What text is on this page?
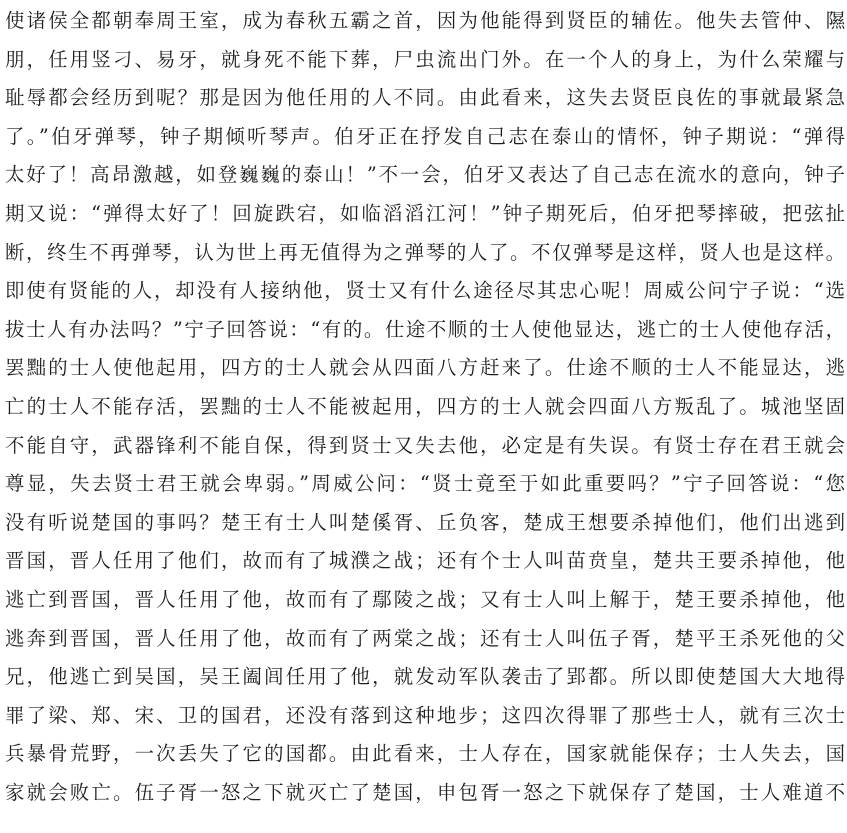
使诸侯全都朝奉周王室，成为春秋五霸之首，因为他能得到贤臣的辅佐。他失去管仲、隰
朋，任用竖刁、易牙，就身死不能下葬，尸虫流出门外。在一个人的身上，为什么荣耀与
耻辱都会经历到呢？那是因为他任用的人不同。由此看来，这失去贤臣良佐的事就最紧急
了。”伯牙弹琴，钟子期倾听琴声。伯牙正在抒发自己志在泰山的情怀，钟子期说：“弹得
太好了！高昂激越，如登巍巍的泰山！”不一会，伯牙又表达了自己志在流水的意向，钟子
期又说：“弹得太好了！回旋跌宕，如临滔滔江河！”钟子期死后，伯牙把琴摔破，把弦扯
断，终生不再弹琴，认为世上再无值得为之弹琴的人了。不仅弹琴是这样，贤人也是这样。
即使有贤能的人，却没有人接纳他，贤士又有什么途径尽其忠心呢！周威公问宁子说：“选
拔士人有办法吗？”宁子回答说：“有的。仕途不顺的士人使他显达，逃亡的士人使他存活，
罢黜的士人使他起用，四方的士人就会从四面八方赶来了。仕途不顺的士人不能显达，逃
亡的士人不能存活，罢黜的士人不能被起用，四方的士人就会四面八方叛乱了。城池坚固
不能自守，武器锋利不能自保，得到贤士又失去他，必定是有失误。有贤士存在君王就会
尊显，失去贤士君王就会卑弱。”周威公问：“贤士竟至于如此重要吗？”宁子回答说：“您
没有听说楚国的事吗？楚王有士人叫楚傒胥、丘负客，楚成王想要杀掉他们，他们出逃到
晋国，晋人任用了他们，故而有了城濮之战；还有个士人叫苗贲皇，楚共王要杀掉他，他
逃亡到晋国，晋人任用了他，故而有了鄢陵之战；又有士人叫上解于，楚王要杀掉他，他
逃奔到晋国，晋人任用了他，故而有了两棠之战；还有士人叫伍子胥，楚平王杀死他的父
兄，他逃亡到吴国，吴王阖闾任用了他，就发动军队袭击了郢都。所以即使楚国大大地得
罪了梁、郑、宋、卫的国君，还没有落到这种地步；这四次得罪了那些士人，就有三次士
兵暴骨荒野，一次丢失了它的国都。由此看来，士人存在，国家就能保存；士人失去，国
家就会败亡。伍子胥一怒之下就灭亡了楚国，申包胥一怒之下就保存了楚国，士人难道不
